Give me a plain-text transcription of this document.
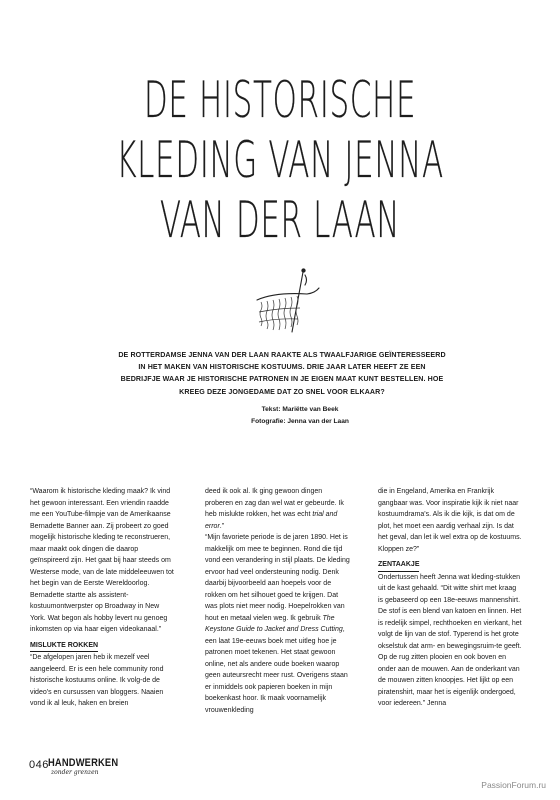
DE HISTORISCHE
KLEDING VAN JENNA
VAN DER LAAN
DE ROTTERDAMSE JENNA VAN DER LAAN RAAKTE ALS TWAALFJARIGE GEÏNTERESSEERD
IN HET MAKEN VAN HISTORISCHE KOSTUUMS. DRIE JAAR LATER HEEFT ZE EEN
BEDRIJFJE WAAR JE HISTORISCHE PATRONEN IN JE EIGEN MAAT KUNT BESTELLEN. HOE
KREEG DEZE JONGEDAME DAT ZO SNEL VOOR ELKAAR?
Tekst: Mariëtte van Beek
Fotografie: Jenna van der Laan

“Waarom ik historische kleding maak? Ik vind het gewoon interessant. Een vriendin raadde me een YouTube-filmpje van de Amerikaanse Bernadette Banner aan. Zij probeert zo goed mogelijk historische kleding te reconstrueren, maar maakt ook dingen die daarop geïnspireerd zijn. Het gaat bij haar steeds om Westerse mode, van de late middeleeuwen tot het begin van de Eerste Wereldoorlog. Bernadette startte als assistent-kostuumontwerpster op Broadway in New York. Wat begon als hobby levert nu genoeg inkomsten op via haar eigen videokanaal.”

MISLUKTE ROKKEN

“De afgelopen jaren heb ik mezelf veel aangeleerd. Er is een hele community rond historische kostuums online. Ik volg-de de video's en cursussen van bloggers. Naaien vond ik al leuk, haken en breien

deed ik ook al. Ik ging gewoon dingen proberen en zag dan wel wat er gebeurde. Ik heb mislukte rokken, het was echt trial and error.”

“Mijn favoriete periode is de jaren 1890. Het is makkelijk om mee te beginnen. Rond die tijd vond een verandering in stijl plaats. De kleding ervoor had veel ondersteuning nodig. Denk daarbij bijvoorbeeld aan hoepels voor de rokken om het silhouet goed te krijgen. Dat was plots niet meer nodig. Hoepelrokken van hout en metaal vielen weg. Ik gebruik The Keystone Guide to Jacket and Dress Cutting, een laat 19e-eeuws boek met uitleg hoe je patronen moet tekenen. Het staat gewoon online, net als andere oude boeken waarop geen auteursrecht meer rust. Overigens staan er inmiddels ook papieren boeken in mijn boekenkast hoor. Ik maak voornamelijk vrouwenkleding

die in Engeland, Amerika en Frankrijk gangbaar was. Voor inspiratie kijk ik niet naar kostuumdrama's. Als ik die kijk, is dat om de plot, het moet een aardig verhaal zijn. Is dat het geval, dan let ik wel extra op de kostuums. Kloppen ze?”

ZENTAAKJE

Ondertussen heeft Jenna wat kleding-stukken uit de kast gehaald. “Dit witte shirt met kraag is gebaseerd op een 18e-eeuws mannenshirt. De stof is een blend van katoen en linnen. Het is redelijk simpel, rechthoeken en vierkant, het volgt de lijn van de stof. Typerend is het grote okselstuk dat arm- en bewegingsruim-te geeft. Op de rug zitten plooien en ook boven en onder aan de mouwen. Aan de onderkant van de mouwen zitten knoopjes. Het lijkt op een piratenshirt, maar het is eigenlijk ondergoed, voor iedereen.” Jenna

046 HANDWERKEN
zonder grenzen
PassionForum.ru
